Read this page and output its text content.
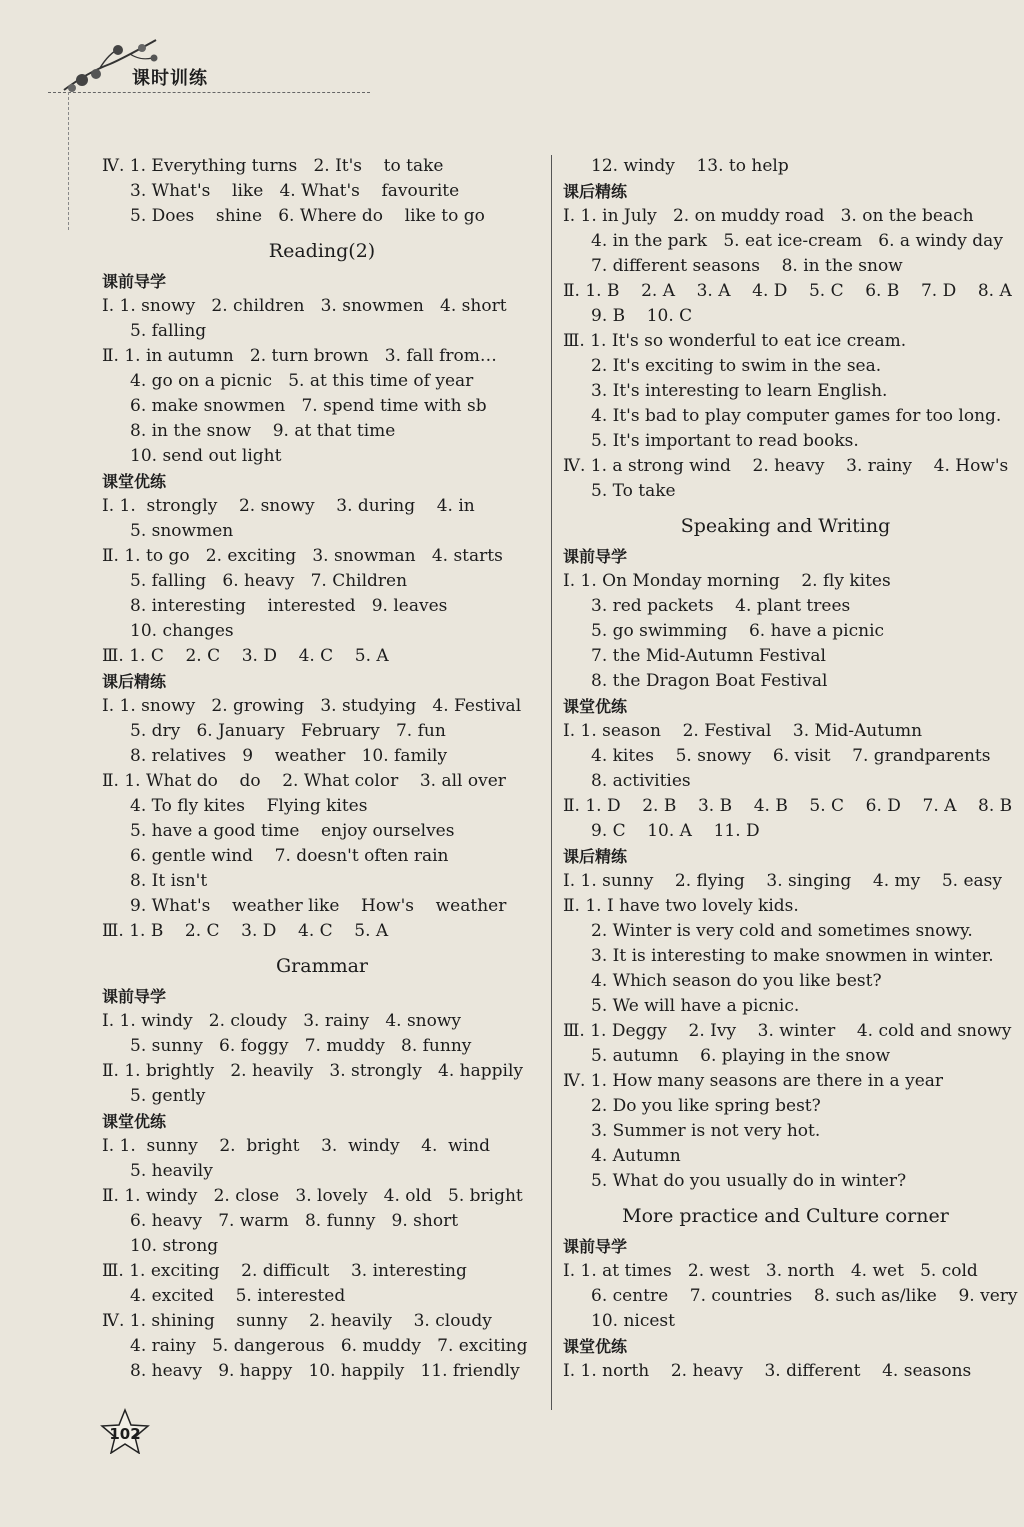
课时训练
Ⅳ. 1. Everything turns   2. It's    to take
3. What's    like   4. What's    favourite
5. Does    shine   6. Where do    like to go
Reading(2)
课前导学
Ⅰ. 1. snowy   2. children   3. snowmen   4. short
5. falling
Ⅱ. 1. in autumn   2. turn brown   3. fall from…
4. go on a picnic   5. at this time of year
6. make snowmen   7. spend time with sb
8. in the snow    9. at that time
10. send out light
课堂优练
Ⅰ. 1.  strongly    2. snowy    3. during    4. in
5. snowmen
Ⅱ. 1. to go   2. exciting   3. snowman   4. starts
5. falling   6. heavy   7. Children
8. interesting    interested   9. leaves
10. changes
Ⅲ. 1. C    2. C    3. D    4. C    5. A
课后精练
Ⅰ. 1. snowy   2. growing   3. studying   4. Festival
5. dry   6. January   February   7. fun
8. relatives   9    weather   10. family
Ⅱ. 1. What do    do    2. What color    3. all over
4. To fly kites    Flying kites
5. have a good time    enjoy ourselves
6. gentle wind    7. doesn't often rain
8. It isn't
9. What's    weather like    How's    weather
Ⅲ. 1. B    2. C    3. D    4. C    5. A
Grammar
课前导学
Ⅰ. 1. windy   2. cloudy   3. rainy   4. snowy
5. sunny   6. foggy   7. muddy   8. funny
Ⅱ. 1. brightly   2. heavily   3. strongly   4. happily
5. gently
课堂优练
Ⅰ. 1.  sunny    2.  bright    3.  windy    4.  wind
5. heavily
Ⅱ. 1. windy   2. close   3. lovely   4. old   5. bright
6. heavy   7. warm   8. funny   9. short
10. strong
Ⅲ. 1. exciting    2. difficult    3. interesting
4. excited    5. interested
Ⅳ. 1. shining    sunny    2. heavily    3. cloudy
4. rainy   5. dangerous   6. muddy   7. exciting
8. heavy   9. happy   10. happily   11. friendly
12. windy    13. to help
课后精练
Ⅰ. 1. in July   2. on muddy road   3. on the beach
4. in the park   5. eat ice-cream   6. a windy day
7. different seasons    8. in the snow
Ⅱ. 1. B    2. A    3. A    4. D    5. C    6. B    7. D    8. A
9. B    10. C
Ⅲ. 1. It's so wonderful to eat ice cream.
2. It's exciting to swim in the sea.
3. It's interesting to learn English.
4. It's bad to play computer games for too long.
5. It's important to read books.
Ⅳ. 1. a strong wind    2. heavy    3. rainy    4. How's
5. To take
Speaking and Writing
课前导学
Ⅰ. 1. On Monday morning    2. fly kites
3. red packets    4. plant trees
5. go swimming    6. have a picnic
7. the Mid-Autumn Festival
8. the Dragon Boat Festival
课堂优练
Ⅰ. 1. season    2. Festival    3. Mid-Autumn
4. kites    5. snowy    6. visit    7. grandparents
8. activities
Ⅱ. 1. D    2. B    3. B    4. B    5. C    6. D    7. A    8. B
9. C    10. A    11. D
课后精练
Ⅰ. 1. sunny    2. flying    3. singing    4. my    5. easy
Ⅱ. 1. I have two lovely kids.
2. Winter is very cold and sometimes snowy.
3. It is interesting to make snowmen in winter.
4. Which season do you like best?
5. We will have a picnic.
Ⅲ. 1. Deggy    2. Ivy    3. winter    4. cold and snowy
5. autumn    6. playing in the snow
Ⅳ. 1. How many seasons are there in a year
2. Do you like spring best?
3. Summer is not very hot.
4. Autumn
5. What do you usually do in winter?
More practice and Culture corner
课前导学
Ⅰ. 1. at times   2. west   3. north   4. wet   5. cold
6. centre    7. countries    8. such as/like    9. very
10. nicest
课堂优练
Ⅰ. 1. north    2. heavy    3. different    4. seasons
102
